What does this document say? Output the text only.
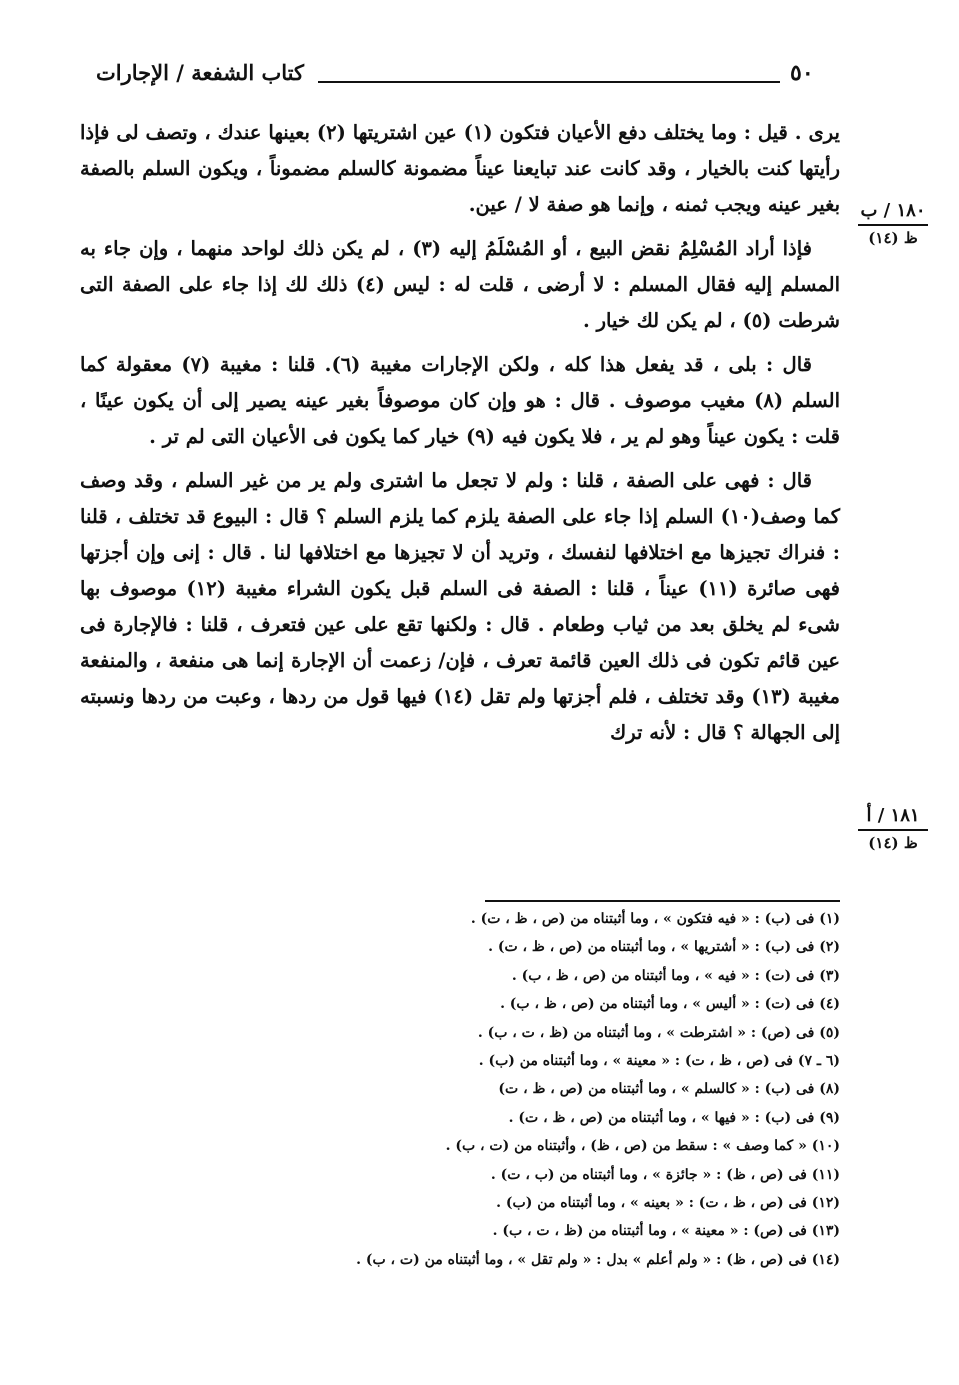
٥٠
كتاب الشفعة / الإجارات
١٨٠ / ب
ظ (١٤)
١٨١ / أ
ظ (١٤)

يرى . قيل : وما يختلف دفع الأعيان فتكون (١) عين اشتريتها (٢) بعينها عندك ، وتصف لى فإذا رأيتها كنت بالخيار ، وقد كانت عند تبايعنا عيناً مضمونة كالسلم مضموناً ، ويكون السلم بالصفة بغير عينه ويجب ثمنه ، وإنما هو صفة لا / عين.

فإذا أراد المُسْلِمُ نقض البيع ، أو المُسْلَمُ إليه (٣) ، لم يكن ذلك لواحد منهما ، وإن جاء به المسلم إليه فقال المسلم : لا أرضى ، قلت له : ليس (٤) ذلك لك إذا جاء على الصفة التى شرطت (٥) ، لم يكن لك خيار .

قال : بلى ، قد يفعل هذا كله ، ولكن الإجارات مغيبة (٦). قلنا : مغيبة (٧) معقولة كما السلم (٨) مغيب موصوف . قال : هو وإن كان موصوفاً بغير عينه يصير إلى أن يكون عينًا ، قلت : يكون عيناً وهو لم ير ، فلا يكون فيه (٩) خيار كما يكون فى الأعيان التى لم تر .

قال : فهى على الصفة ، قلنا : ولم لا تجعل ما اشترى ولم ير من غير السلم ، وقد وصف كما وصف(١٠) السلم إذا جاء على الصفة يلزم كما يلزم السلم ؟ قال : البيوع قد تختلف ، قلنا : فنراك تجيزها مع اختلافها لنفسك ، وتريد أن لا تجيزها مع اختلافها لنا . قال : إنى وإن أجزتها فهى صائرة (١١) عيناً ، قلنا : الصفة فى السلم قبل يكون الشراء مغيبة (١٢) موصوف بها شىء لم يخلق بعد من ثياب وطعام . قال : ولكنها تقع على عين فتعرف ، قلنا : فالإجارة فى عين قائم تكون فى ذلك العين قائمة تعرف ، فإن/ زعمت أن الإجارة إنما هى منفعة ، والمنفعة مغيبة (١٣) وقد تختلف ، فلم أجزتها ولم تقل (١٤) فيها قول من ردها ، وعبت من ردها ونسبته إلى الجهالة ؟ قال : لأنه ترك

(١) فى (ب) : « فيه فتكون » ، وما أثبتناه من (ص ، ظ ، ت) .
(٢) فى (ب) : « أشتريها » ، وما أثبتناه من (ص ، ظ ، ت) .
(٣) فى (ت) : « فيه » ، وما أثبتناه من (ص ، ظ ، ب) .
(٤) فى (ت) : « أليس » ، وما أثبتناه من (ص ، ظ ، ب) .
(٥) فى (ص) : « اشترطت » ، وما أثبتناه من (ظ ، ت ، ب) .
(٦ ـ ٧) فى (ص ، ظ ، ت) : « معينة » ، وما أثبتناه من (ب) .
(٨) فى (ب) : « كالسلم » ، وما أثبتناه من (ص ، ظ ، ت)
(٩) فى (ب) : « فيها » ، وما أثبتناه من (ص ، ظ ، ت) .
(١٠) « كما وصف » : سقط من (ص ، ظ) ، وأثبتناه من (ت ، ب) .
(١١) فى (ص ، ظ) : « جائزة » ، وما أثبتناه من (ب ، ت) .
(١٢) فى (ص ، ظ ، ت) : « بعينه » ، وما أثبتناه من (ب) .
(١٣) فى (ص) : « معينة » ، وما أثبتناه من (ظ ، ت ، ب) .
(١٤) فى (ص ، ظ) : « ولم أعلم » بدل : « ولم تقل » ، وما أثبتناه من (ت ، ب) .
